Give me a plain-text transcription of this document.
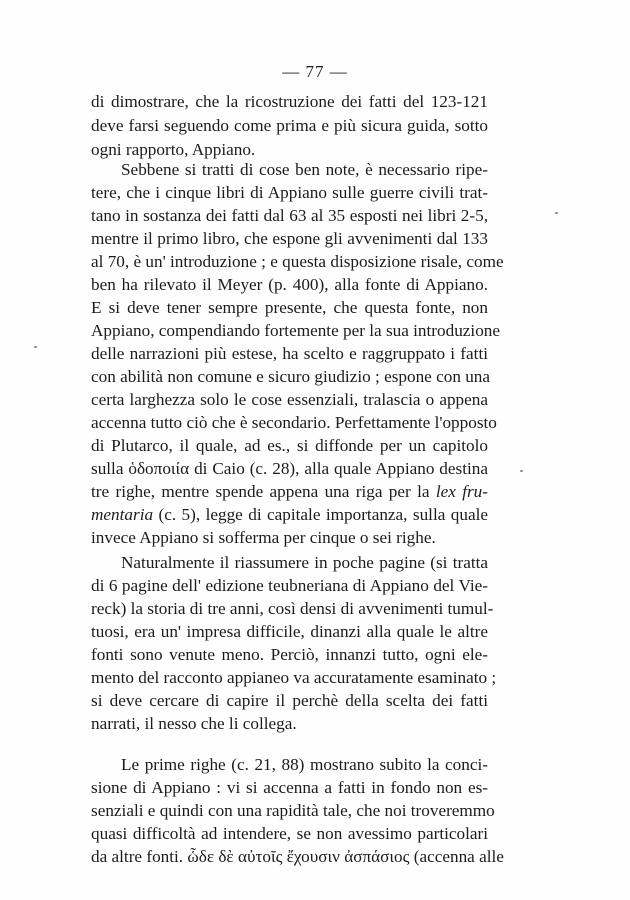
— 77 —
di dimostrare, che la ricostruzione dei fatti del 123-121
deve farsi seguendo come prima e più sicura guida, sotto
ogni rapporto, Appiano.
Sebbene si tratti di cose ben note, è necessario ripe-
tere, che i cinque libri di Appiano sulle guerre civili trat-
tano in sostanza dei fatti dal 63 al 35 esposti nei libri 2-5,
mentre il primo libro, che espone gli avvenimenti dal 133
al 70, è un' introduzione ; e questa disposizione risale, come
ben ha rilevato il Meyer (p. 400), alla fonte di Appiano.
E si deve tener sempre presente, che questa fonte, non
Appiano, compendiando fortemente per la sua introduzione
delle narrazioni più estese, ha scelto e raggruppato i fatti
con abilità non comune e sicuro giudizio ; espone con una
certa larghezza solo le cose essenziali, tralascia o appena
accenna tutto ciò che è secondario. Perfettamente l'opposto
di Plutarco, il quale, ad es., si diffonde per un capitolo
sulla ὁδοποιία di Caio (c. 28), alla quale Appiano destina
tre righe, mentre spende appena una riga per la lex fru-
mentaria (c. 5), legge di capitale importanza, sulla quale
invece Appiano si sofferma per cinque o sei righe.
Naturalmente il riassumere in poche pagine (si tratta
di 6 pagine dell' edizione teubneriana di Appiano del Vie-
reck) la storia di tre anni, così densi di avvenimenti tumul-
tuosi, era un' impresa difficile, dinanzi alla quale le altre
fonti sono venute meno. Perciò, innanzi tutto, ogni ele-
mento del racconto appianeo va accuratamente esaminato ;
si deve cercare di capire il perchè della scelta dei fatti
narrati, il nesso che li collega.
Le prime righe (c. 21, 88) mostrano subito la conci-
sione di Appiano : vi si accenna a fatti in fondo non es-
senziali e quindi con una rapidità tale, che noi troveremmo
quasi difficoltà ad intendere, se non avessimo particolari
da altre fonti. ὧδε δὲ αὐτοῖς ἔχουσιν ἀσπάσιος (accenna alle
